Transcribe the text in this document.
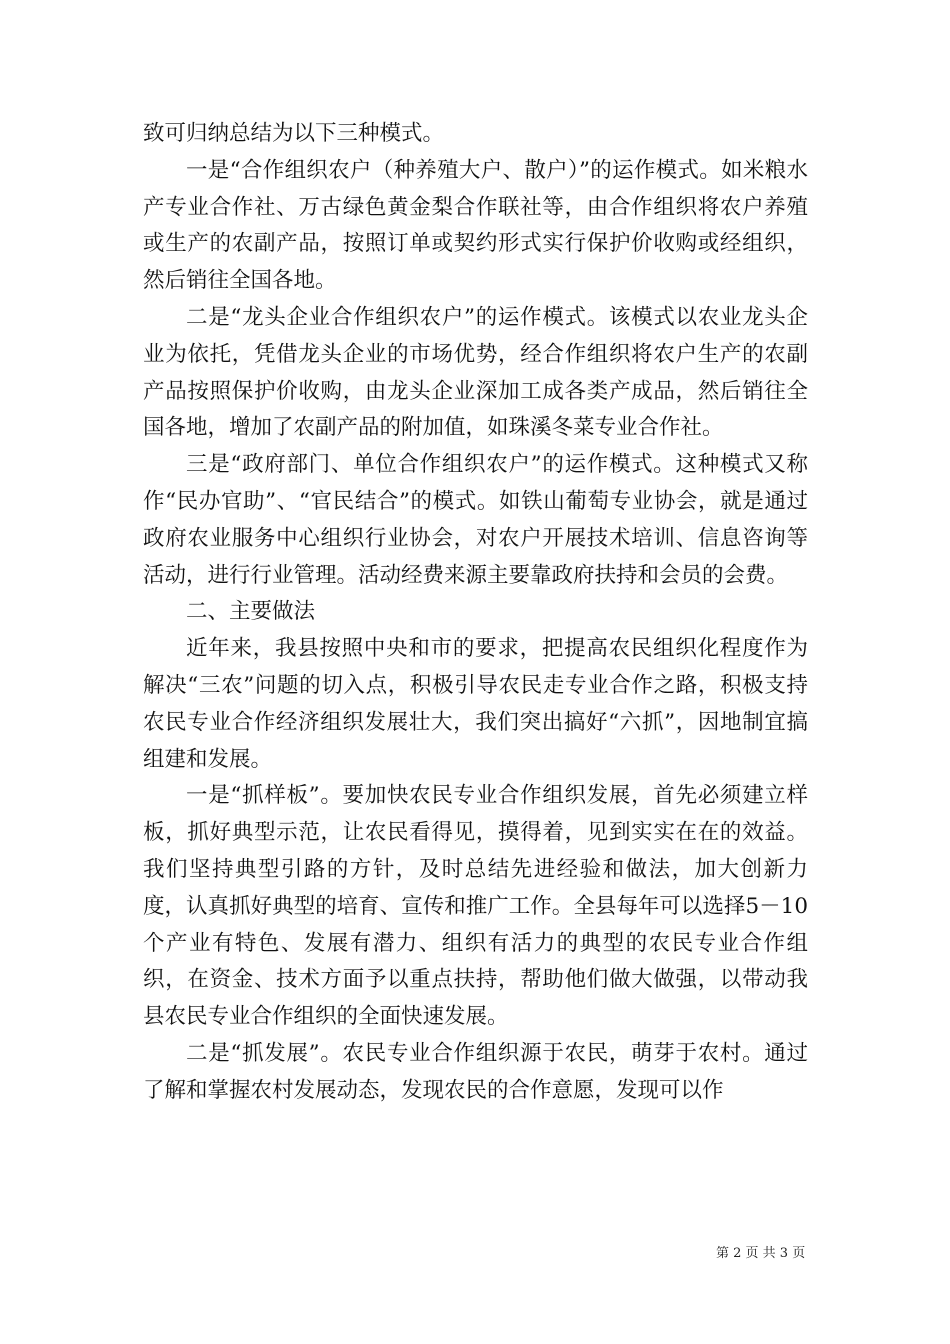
致可归纳总结为以下三种模式。

一是“合作组织农户（种养殖大户、散户）”的运作模式。如米粮水产专业合作社、万古绿色黄金梨合作联社等，由合作组织将农户养殖或生产的农副产品，按照订单或契约形式实行保护价收购或经组织，然后销往全国各地。

二是“龙头企业合作组织农户”的运作模式。该模式以农业龙头企业为依托，凭借龙头企业的市场优势，经合作组织将农户生产的农副产品按照保护价收购，由龙头企业深加工成各类产成品，然后销往全国各地，增加了农副产品的附加值，如珠溪冬菜专业合作社。

三是“政府部门、单位合作组织农户”的运作模式。这种模式又称作“民办官助”、“官民结合”的模式。如铁山葡萄专业协会，就是通过政府农业服务中心组织行业协会，对农户开展技术培训、信息咨询等活动，进行行业管理。活动经费来源主要靠政府扶持和会员的会费。

二、主要做法

近年来，我县按照中央和市的要求，把提高农民组织化程度作为解决“三农”问题的切入点，积极引导农民走专业合作之路，积极支持农民专业合作经济组织发展壮大，我们突出搞好“六抓”，因地制宜搞组建和发展。

一是“抓样板”。要加快农民专业合作组织发展，首先必须建立样板，抓好典型示范，让农民看得见，摸得着，见到实实在在的效益。我们坚持典型引路的方针，及时总结先进经验和做法，加大创新力度，认真抓好典型的培育、宣传和推广工作。全县每年可以选择5－10个产业有特色、发展有潜力、组织有活力的典型的农民专业合作组织，在资金、技术方面予以重点扶持，帮助他们做大做强，以带动我县农民专业合作组织的全面快速发展。

二是“抓发展”。农民专业合作组织源于农民，萌芽于农村。通过了解和掌握农村发展动态，发现农民的合作意愿，发现可以作

第 2 页 共 3 页
